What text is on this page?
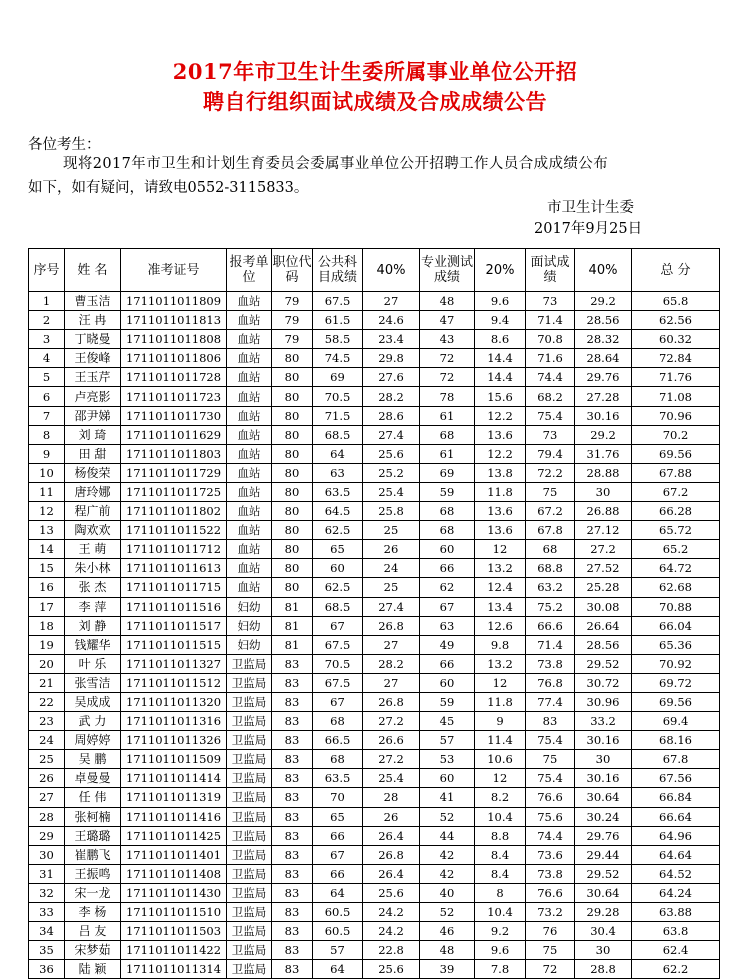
2017年市卫生计生委所属事业单位公开招
聘自行组织面试成绩及合成成绩公告
各位考生：
现将2017年市卫生和计划生育委员会委属事业单位公开招聘工作人员合成成绩公布
如下，如有疑问，请致电0552-3115833。
市卫生计生委
2017年9月25日
序号	姓 名	准考证号	报考单位	职位代码	公共科目成绩	40%	专业测试成绩	20%	面试成绩	40%	总 分
1	曹玉洁	1711011011809	血站	79	67.5	27	48	9.6	73	29.2	65.8
2	汪 冉	1711011011813	血站	79	61.5	24.6	47	9.4	71.4	28.56	62.56
3	丁晓曼	1711011011808	血站	79	58.5	23.4	43	8.6	70.8	28.32	60.32
4	王俊峰	1711011011806	血站	80	74.5	29.8	72	14.4	71.6	28.64	72.84
5	王玉芹	1711011011728	血站	80	69	27.6	72	14.4	74.4	29.76	71.76
6	卢亮影	1711011011723	血站	80	70.5	28.2	78	15.6	68.2	27.28	71.08
7	邵尹娣	1711011011730	血站	80	71.5	28.6	61	12.2	75.4	30.16	70.96
8	刘 琦	1711011011629	血站	80	68.5	27.4	68	13.6	73	29.2	70.2
9	田 甜	1711011011803	血站	80	64	25.6	61	12.2	79.4	31.76	69.56
10	杨俊荣	1711011011729	血站	80	63	25.2	69	13.8	72.2	28.88	67.88
11	唐玲娜	1711011011725	血站	80	63.5	25.4	59	11.8	75	30	67.2
12	程广前	1711011011802	血站	80	64.5	25.8	68	13.6	67.2	26.88	66.28
13	陶欢欢	1711011011522	血站	80	62.5	25	68	13.6	67.8	27.12	65.72
14	王 萌	1711011011712	血站	80	65	26	60	12	68	27.2	65.2
15	朱小林	1711011011613	血站	80	60	24	66	13.2	68.8	27.52	64.72
16	张 杰	1711011011715	血站	80	62.5	25	62	12.4	63.2	25.28	62.68
17	李 萍	1711011011516	妇幼	81	68.5	27.4	67	13.4	75.2	30.08	70.88
18	刘 静	1711011011517	妇幼	81	67	26.8	63	12.6	66.6	26.64	66.04
19	钱耀华	1711011011515	妇幼	81	67.5	27	49	9.8	71.4	28.56	65.36
20	叶 乐	1711011011327	卫监局	83	70.5	28.2	66	13.2	73.8	29.52	70.92
21	张雪洁	1711011011512	卫监局	83	67.5	27	60	12	76.8	30.72	69.72
22	吴成成	1711011011320	卫监局	83	67	26.8	59	11.8	77.4	30.96	69.56
23	武 力	1711011011316	卫监局	83	68	27.2	45	9	83	33.2	69.4
24	周婷婷	1711011011326	卫监局	83	66.5	26.6	57	11.4	75.4	30.16	68.16
25	吴 鹏	1711011011509	卫监局	83	68	27.2	53	10.6	75	30	67.8
26	卓曼曼	1711011011414	卫监局	83	63.5	25.4	60	12	75.4	30.16	67.56
27	任 伟	1711011011319	卫监局	83	70	28	41	8.2	76.6	30.64	66.84
28	张柯楠	1711011011416	卫监局	83	65	26	52	10.4	75.6	30.24	66.64
29	王璐璐	1711011011425	卫监局	83	66	26.4	44	8.8	74.4	29.76	64.96
30	崔鹏飞	1711011011401	卫监局	83	67	26.8	42	8.4	73.6	29.44	64.64
31	王振鸣	1711011011408	卫监局	83	66	26.4	42	8.4	73.8	29.52	64.52
32	宋一龙	1711011011430	卫监局	83	64	25.6	40	8	76.6	30.64	64.24
33	李 杨	1711011011510	卫监局	83	60.5	24.2	52	10.4	73.2	29.28	63.88
34	吕 友	1711011011503	卫监局	83	60.5	24.2	46	9.2	76	30.4	63.8
35	宋梦茹	1711011011422	卫监局	83	57	22.8	48	9.6	75	30	62.4
36	陆 颖	1711011011314	卫监局	83	64	25.6	39	7.8	72	28.8	62.2
